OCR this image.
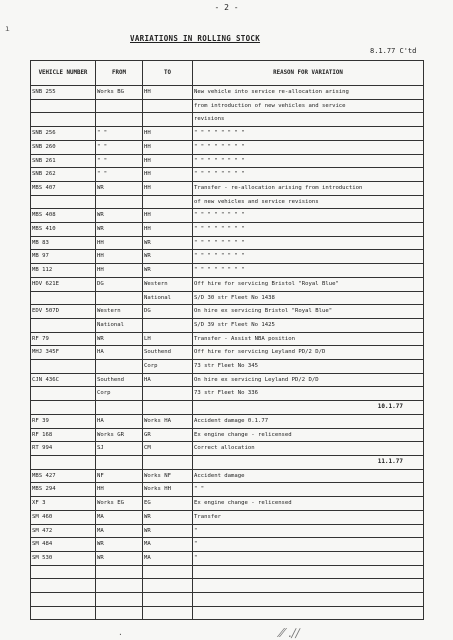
- 2 -
ı
VARIATIONS IN ROLLING STOCK
8.1.77 C'td
VEHICLE NUMBER	FROM	TO	REASON FOR VARIATION
SNB 255	Works BG	HH	New vehicle into service re-allocation arising
			from introduction of new vehicles and service
			revisions
SNB 256	" "	HH	" " " " " " " "
SNB 260	" "	HH	" " " " " " " "
SNB 261	" "	HH	" " " " " " " "
SNB 262	" "	HH	" " " " " " " "
MBS 407	WR	HH	Transfer - re-allocation arising from introduction
			of new vehicles and service revisions
MBS 408	WR	HH	" " " " " " " "
MBS 410	WR	HH	" " " " " " " "
MB 83	HH	WR	" " " " " " " "
MB 97	HH	WR	" " " " " " " "
MB 112	HH	WR	" " " " " " " "
HDV 621E	DG	Western	Off hire for servicing Bristol "Royal Blue"
		National	S/D 30 str Fleet No 1438
EDV 507D	Western	DG	On hire ex servicing Bristol "Royal Blue"
	National		S/D 39 str Fleet No 1425
RF 79	WR	LH	Transfer - Assist NBA position
MHJ 345F	HA	Southend	Off hire for servicing Leyland PD/2 D/D
		Corp	73 str Fleet No 345
CJN 436C	Southend	HA	On hire ex servicing Leyland PD/2 D/D
	Corp		73 str Fleet No 336
			10.1.77
RF 39	HA	Works HA	Accident damage 0.1.77
RF 168	Works GR	GR	Ex engine change - relicensed
RT 994	SJ	CM	Correct allocation
			11.1.77
MBS 427	NF	Works NF	Accident damage
MBS 294	HH	Works HH	" "
XF 3	Works EG	EG	Ex engine change - relicensed
SM 460	MA	WR	Transfer
SM 472	MA	WR	"
SM 484	WR	MA	"
SM 530	WR	MA	"

.	⁄⁄ .∕∕
